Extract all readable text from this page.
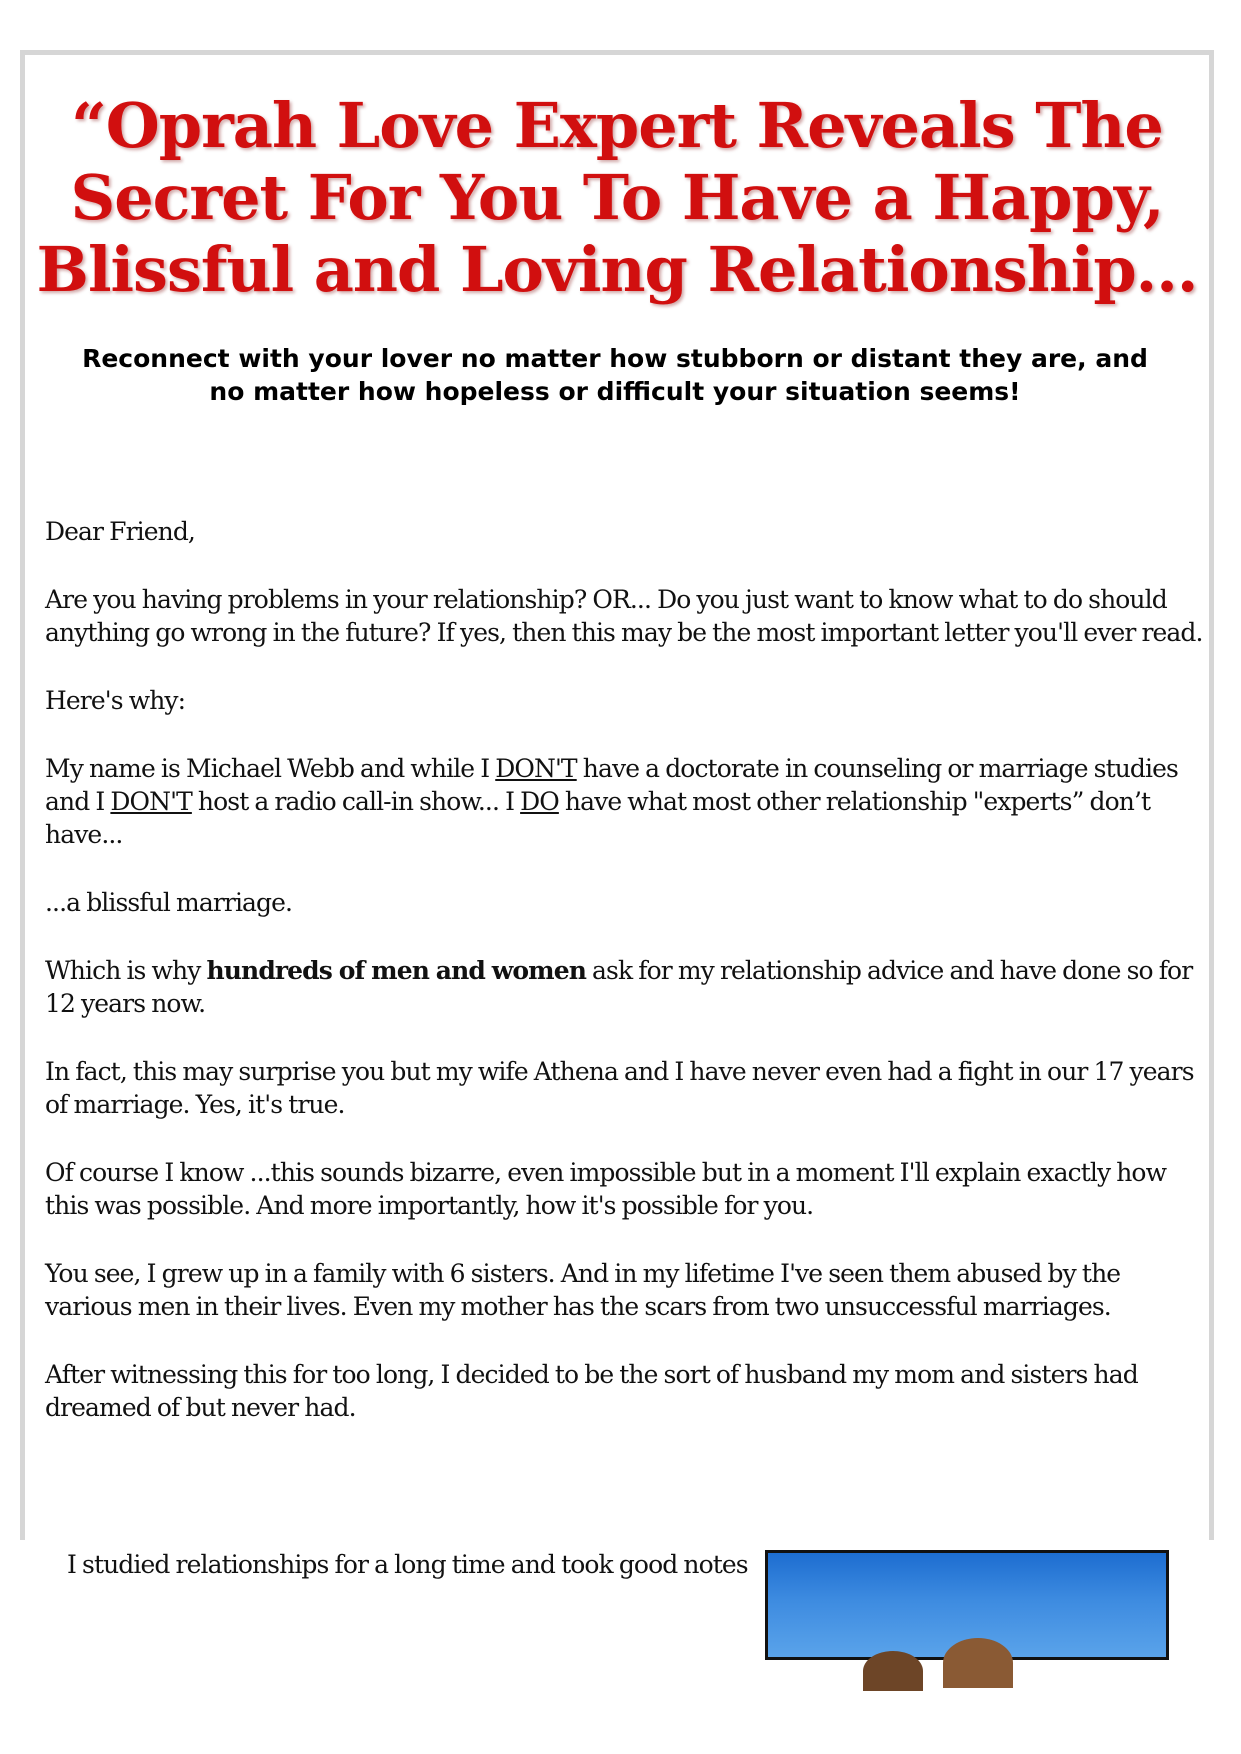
“Oprah Love Expert Reveals The
Secret For You To Have a Happy,
Blissful and Loving Relationship...

Reconnect with your lover no matter how stubborn or distant they are, and no matter how hopeless or difficult your situation seems!

Dear Friend,

Are you having problems in your relationship? OR... Do you just want to know what to do should anything go wrong in the future? If yes, then this may be the most important letter you'll ever read.

Here's why:

My name is Michael Webb and while I DON'T have a doctorate in counseling or marriage studies and I DON'T host a radio call-in show... I DO have what most other relationship "experts” don’t have...

...a blissful marriage.

Which is why hundreds of men and women ask for my relationship advice and have done so for 12 years now.

In fact, this may surprise you but my wife Athena and I have never even had a fight in our 17 years of marriage. Yes, it's true.

Of course I know ...this sounds bizarre, even impossible but in a moment I'll explain exactly how this was possible. And more importantly, how it's possible for you.

You see, I grew up in a family with 6 sisters. And in my lifetime I've seen them abused by the various men in their lives. Even my mother has the scars from two unsuccessful marriages.

After witnessing this for too long, I decided to be the sort of husband my mom and sisters had dreamed of but never had.

I studied relationships for a long time and took good notes
